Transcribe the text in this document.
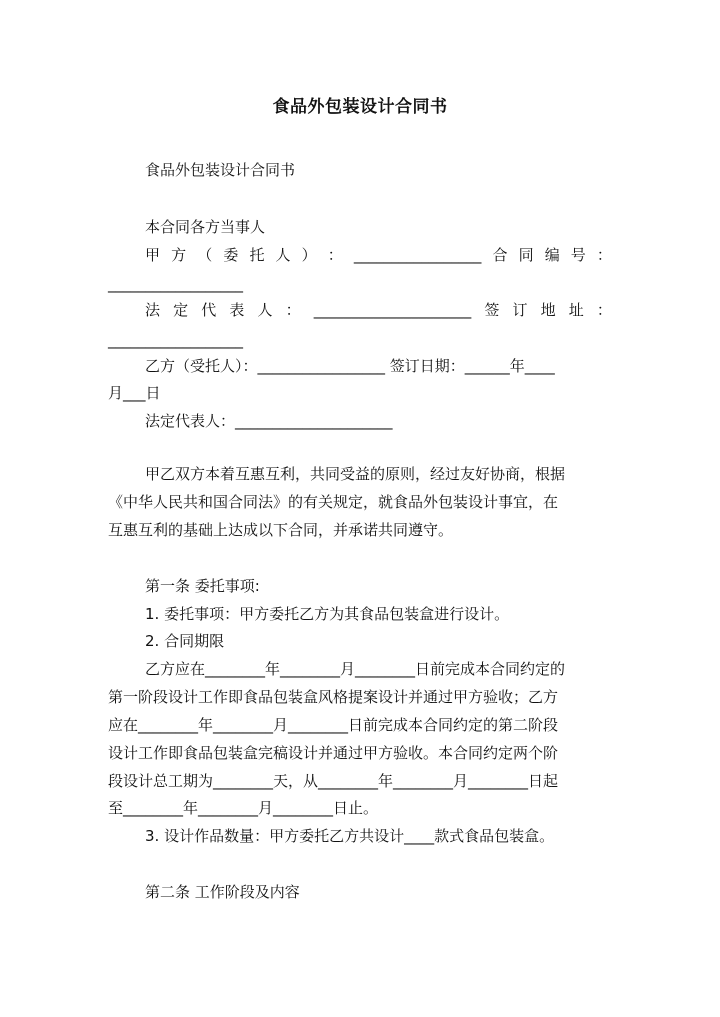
食品外包装设计合同书
食品外包装设计合同书
本合同各方当事人
甲 方 （ 委 托 人 ） ： _________________ 合 同 编 号 ：
__________________
法 定 代 表 人 ： _____________________ 签 订 地 址 ：
__________________
乙方（受托人）：_________________ 签订日期：______年____
月___日
法定代表人：_____________________
甲乙双方本着互惠互利，共同受益的原则，经过友好协商，根据
《中华人民共和国合同法》的有关规定，就食品外包装设计事宜，在
互惠互利的基础上达成以下合同，并承诺共同遵守。
第一条 委托事项:
1. 委托事项：甲方委托乙方为其食品包装盒进行设计。
2. 合同期限
乙方应在________年________月________日前完成本合同约定的
第一阶段设计工作即食品包装盒风格提案设计并通过甲方验收；乙方
应在________年________月________日前完成本合同约定的第二阶段
设计工作即食品包装盒完稿设计并通过甲方验收。本合同约定两个阶
段设计总工期为________天，从________年________月________日起
至________年________月________日止。
3. 设计作品数量：甲方委托乙方共设计____款式食品包装盒。
第二条 工作阶段及内容
